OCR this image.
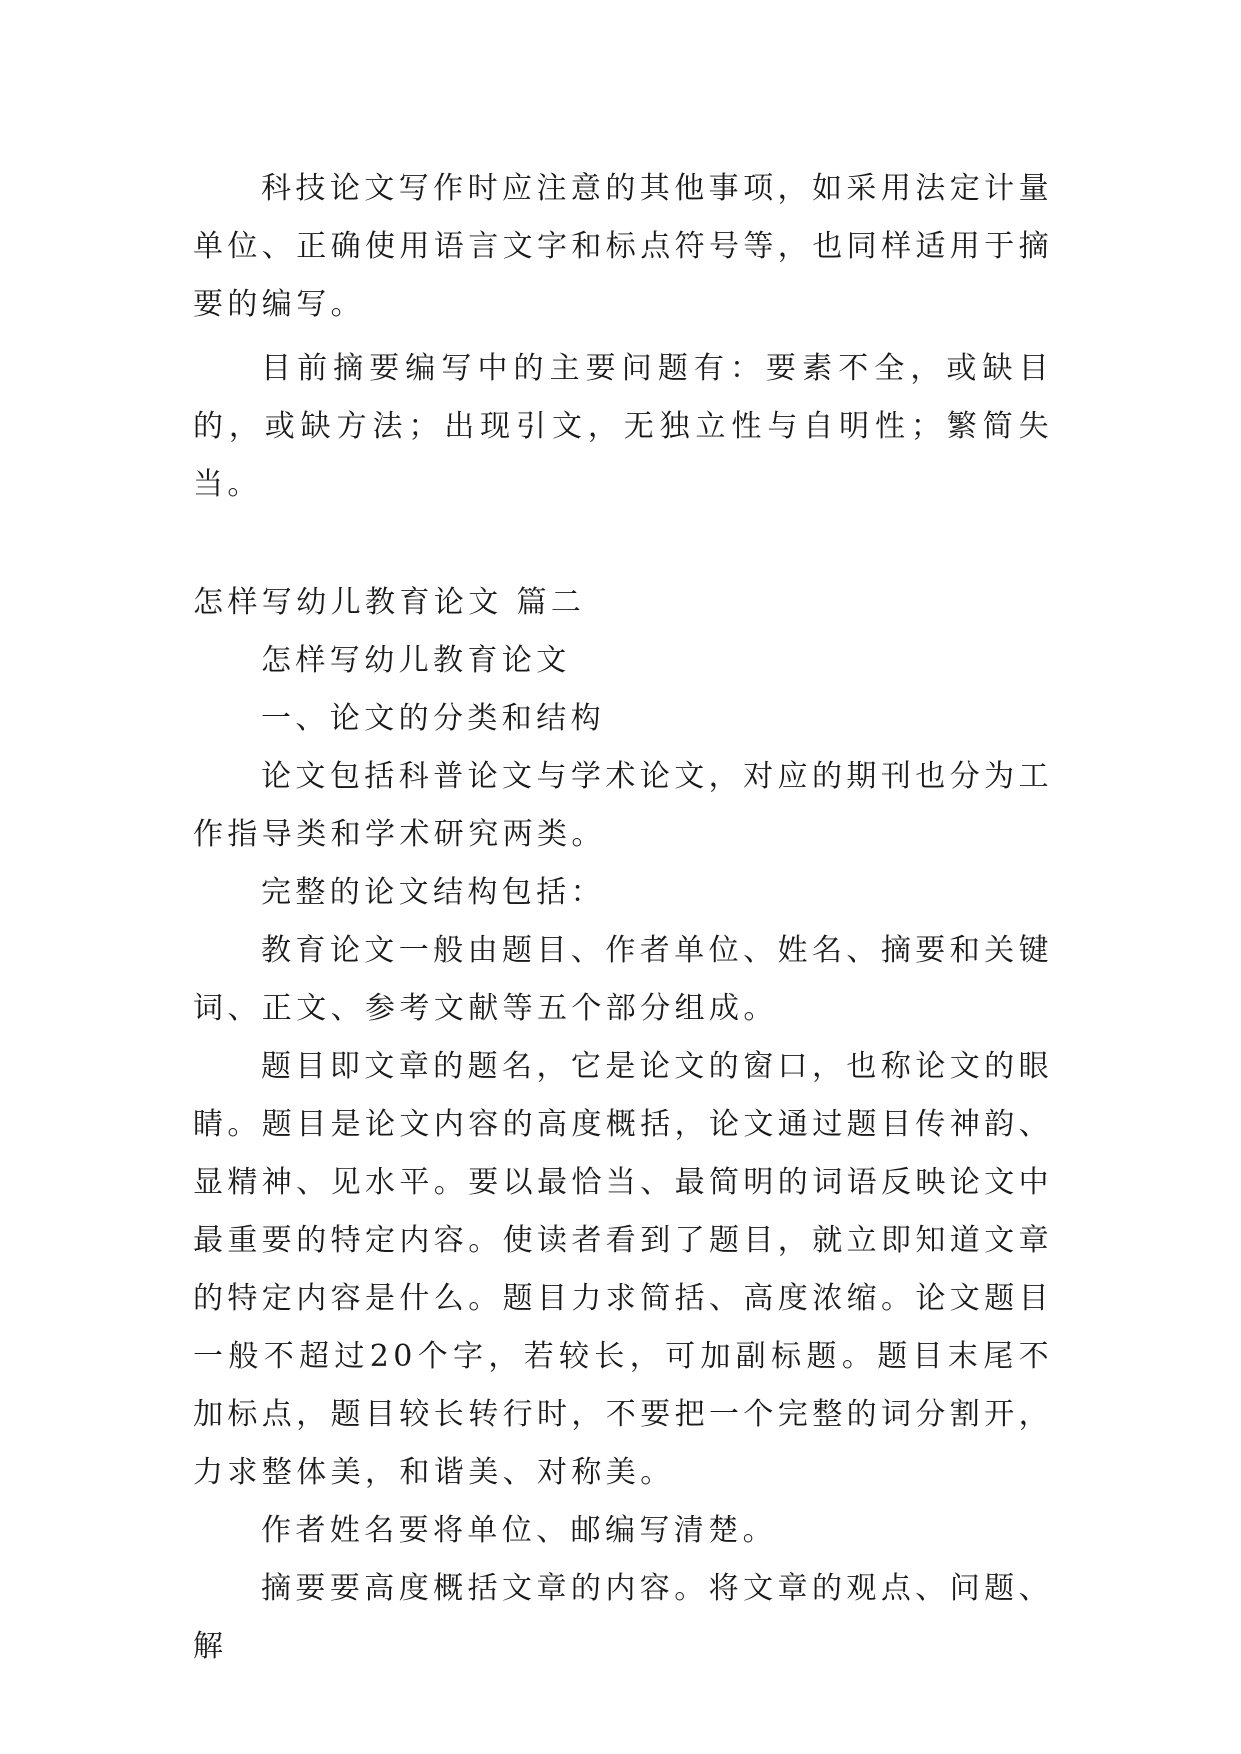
科技论文写作时应注意的其他事项，如采用法定计量单位、正确使用语言文字和标点符号等，也同样适用于摘要的编写。

目前摘要编写中的主要问题有：要素不全，或缺目的，或缺方法；出现引文，无独立性与自明性；繁简失当。

怎样写幼儿教育论文 篇二

怎样写幼儿教育论文

一、论文的分类和结构

论文包括科普论文与学术论文，对应的期刊也分为工作指导类和学术研究两类。

完整的论文结构包括：

教育论文一般由题目、作者单位、姓名、摘要和关键词、正文、参考文献等五个部分组成。

题目即文章的题名，它是论文的窗口，也称论文的眼睛。题目是论文内容的高度概括，论文通过题目传神韵、显精神、见水平。要以最恰当、最简明的词语反映论文中最重要的特定内容。使读者看到了题目，就立即知道文章的特定内容是什么。题目力求简括、高度浓缩。论文题目一般不超过20个字，若较长，可加副标题。题目末尾不加标点，题目较长转行时，不要把一个完整的词分割开，力求整体美，和谐美、对称美。

作者姓名要将单位、邮编写清楚。

摘要要高度概括文章的内容。将文章的观点、问题、解
